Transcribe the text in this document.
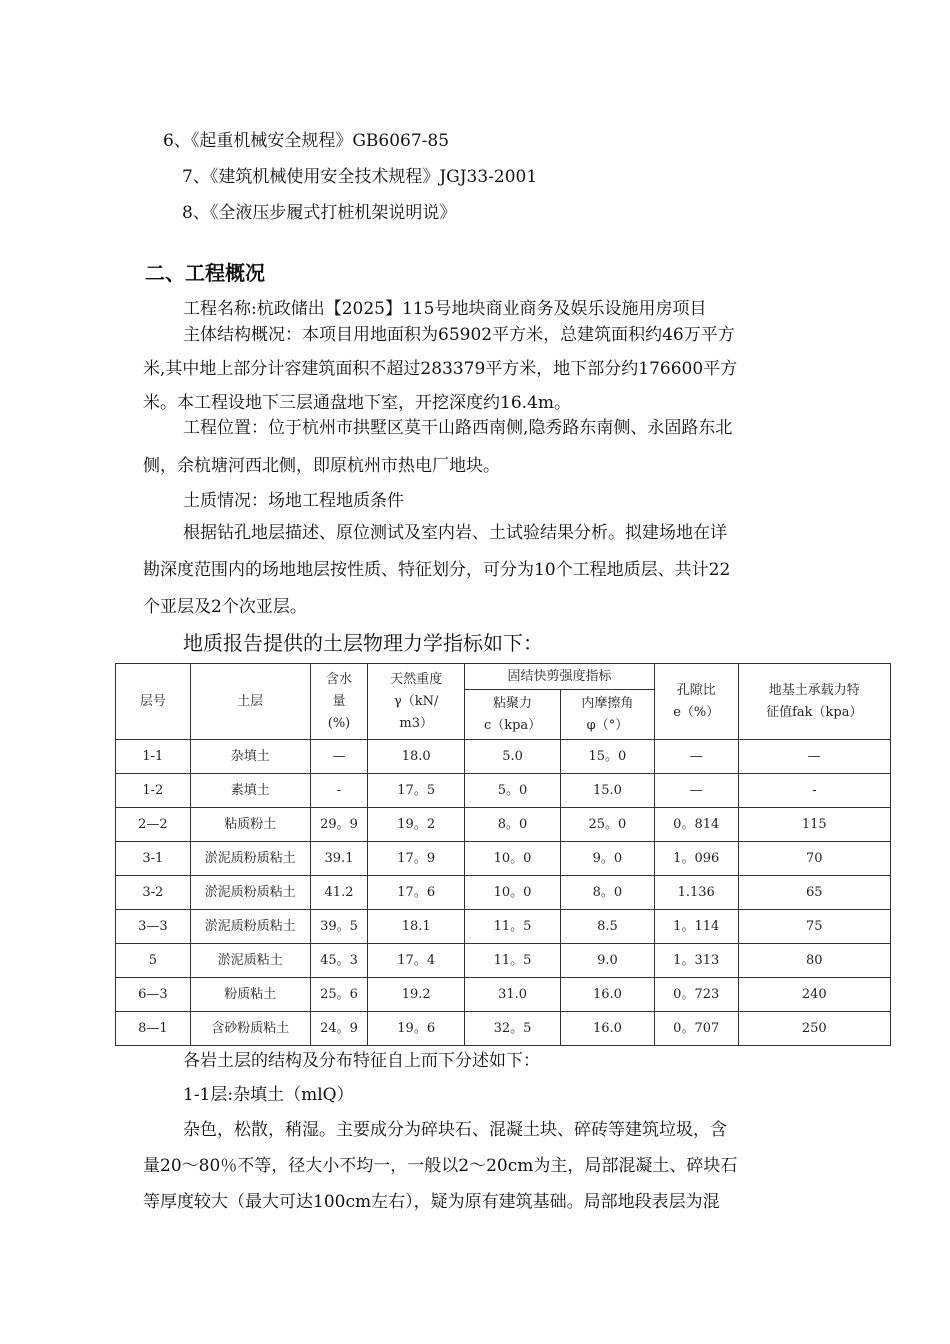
6、《起重机械安全规程》GB6067-85
7、《建筑机械使用安全技术规程》JGJ33-2001
8、《全液压步履式打桩机架说明说》
二、工程概况
工程名称:杭政储出【2025】115号地块商业商务及娱乐设施用房项目
主体结构概况：本项目用地面积为65902平方米，总建筑面积约46万平方
米,其中地上部分计容建筑面积不超过283379平方米，地下部分约176600平方
米。本工程设地下三层通盘地下室，开挖深度约16.4m。
工程位置：位于杭州市拱墅区莫干山路西南侧,隐秀路东南侧、永固路东北
侧，余杭塘河西北侧，即原杭州市热电厂地块。
土质情况：场地工程地质条件
根据钻孔地层描述、原位测试及室内岩、土试验结果分析。拟建场地在详
勘深度范围内的场地地层按性质、特征划分，可分为10个工程地质层、共计22
个亚层及2个次亚层。
地质报告提供的土层物理力学指标如下：
层号	土层	含水
量
(%)	天然重度
γ（kN/
m3）	固结快剪强度指标		孔隙比
e（%）	地基土承载力特
征值fak（kpa）

				粘聚力
c（kpa）	内摩擦角
φ（°）		

1-1	杂填土	—	18.0	5.0	15。0	—	—
1-2	素填土	-	17。5	5。0	15.0	—	-
2—2	粘质粉土	29。9	19。2	8。0	25。0	0。814	115
3-1	淤泥质粉质粘土	39.1	17。9	10。0	9。0	1。096	70
3-2	淤泥质粉质粘土	41.2	17。6	10。0	8。0	1.136	65
3—3	淤泥质粉质粘土	39。5	18.1	11。5	8.5	1。114	75
5	淤泥质粘土	45。3	17。4	11。5	9.0	1。313	80
6—3	粉质粘土	25。6	19.2	31.0	16.0	0。723	240
8—1	含砂粉质粘土	24。9	19。6	32。5	16.0	0。707	250
各岩土层的结构及分布特征自上而下分述如下：
1-1层:杂填土（mlQ）
杂色，松散，稍湿。主要成分为碎块石、混凝土块、碎砖等建筑垃圾，含
量20～80％不等，径大小不均一，一般以2～20cm为主，局部混凝土、碎块石
等厚度较大（最大可达100cm左右），疑为原有建筑基础。局部地段表层为混
